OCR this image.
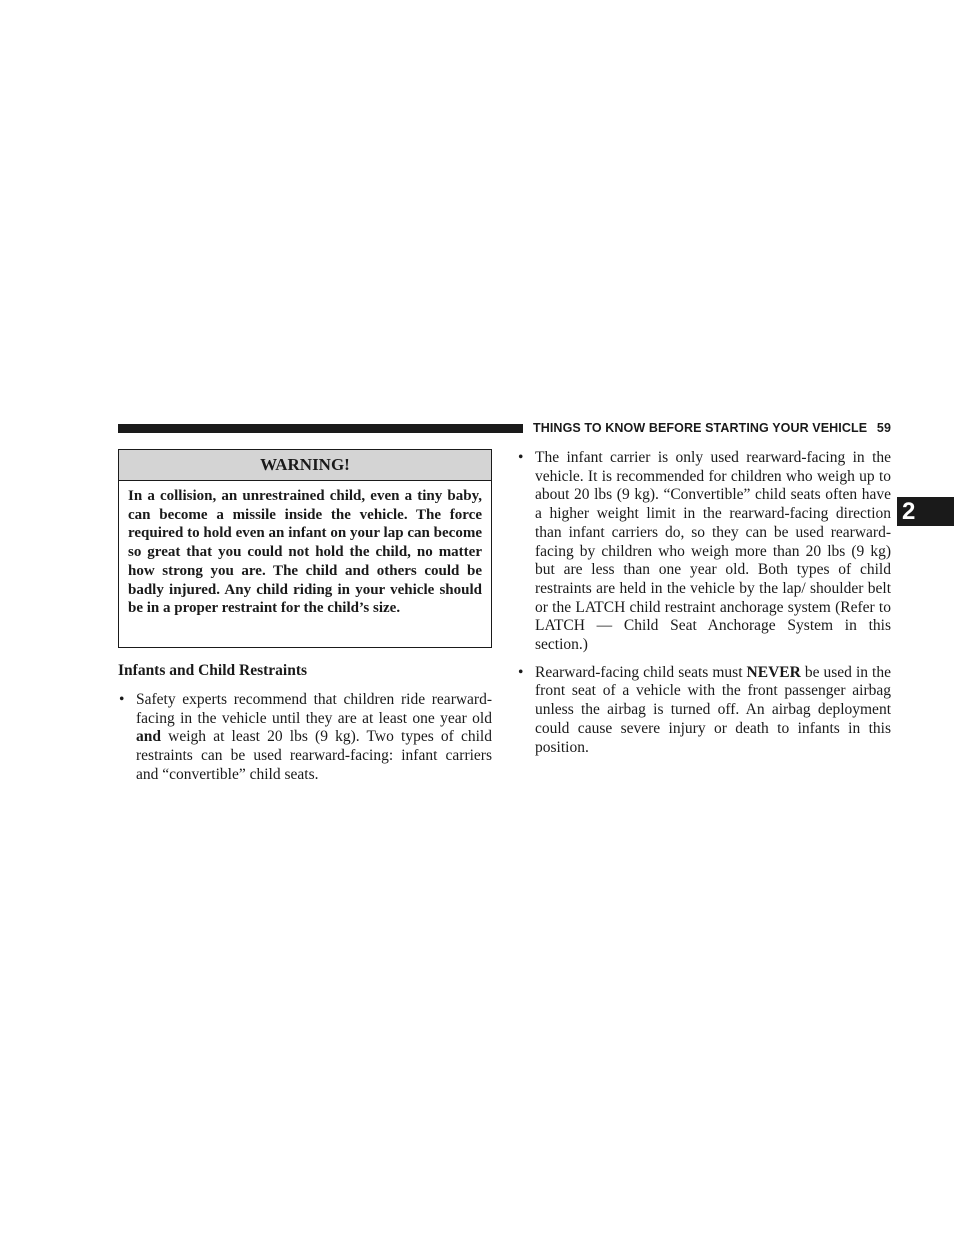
THINGS TO KNOW BEFORE STARTING YOUR VEHICLE 59
2
WARNING!
In a collision, an unrestrained child, even a tiny baby, can become a missile inside the vehicle. The force required to hold even an infant on your lap can become so great that you could not hold the child, no matter how strong you are. The child and others could be badly injured. Any child riding in your vehicle should be in a proper restraint for the child’s size.
Infants and Child Restraints
• Safety experts recommend that children ride rearward-facing in the vehicle until they are at least one year old and weigh at least 20 lbs (9 kg). Two types of child restraints can be used rearward-facing: infant carriers and “convertible” child seats.
• The infant carrier is only used rearward-facing in the vehicle. It is recommended for children who weigh up to about 20 lbs (9 kg). “Convertible” child seats often have a higher weight limit in the rearward-facing direction than infant carriers do, so they can be used rearward-facing by children who weigh more than 20 lbs (9 kg) but are less than one year old. Both types of child restraints are held in the vehicle by the lap/ shoulder belt or the LATCH child restraint anchorage system (Refer to LATCH — Child Seat Anchorage System in this section.)
• Rearward-facing child seats must NEVER be used in the front seat of a vehicle with the front passenger airbag unless the airbag is turned off. An airbag deployment could cause severe injury or death to infants in this position.
